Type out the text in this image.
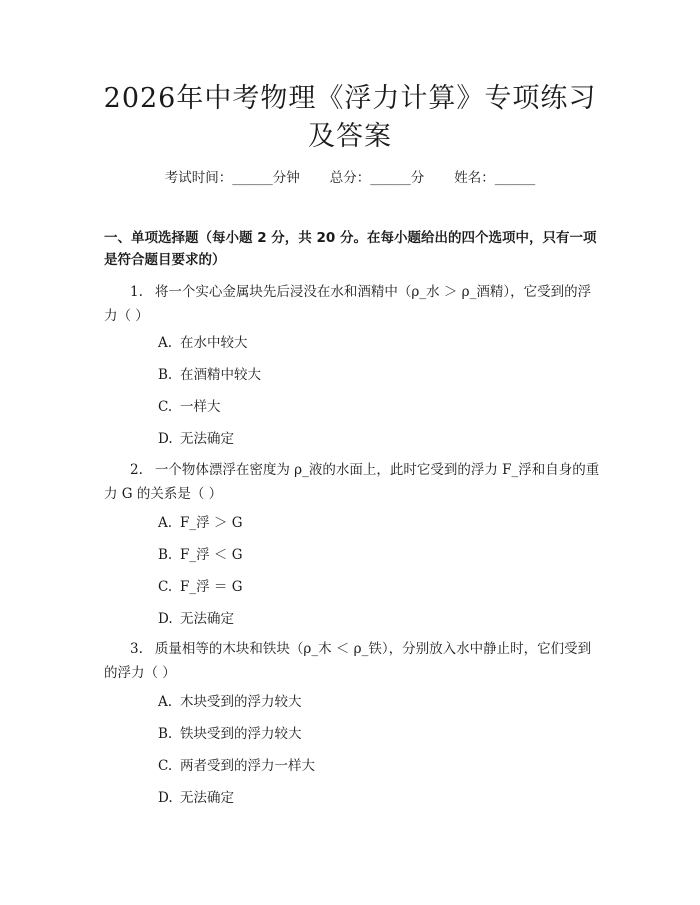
2026年中考物理《浮力计算》专项练习及答案
考试时间：______分钟 总分：______分 姓名：______

一、单项选择题（每小题 2 分，共 20 分。在每小题给出的四个选项中，只有一项是符合题目要求的）

1. 将一个实心金属块先后浸没在水和酒精中（ρ_水 ＞ ρ_酒精），它受到的浮力（ ）

A. 在水中较大
B. 在酒精中较大
C. 一样大
D. 无法确定

2. 一个物体漂浮在密度为 ρ_液的水面上，此时它受到的浮力 F_浮和自身的重力 G 的关系是（ ）

A. F_浮 ＞ G
B. F_浮 ＜ G
C. F_浮 ＝ G
D. 无法确定

3. 质量相等的木块和铁块（ρ_木 ＜ ρ_铁），分别放入水中静止时，它们受到的浮力（ ）

A. 木块受到的浮力较大
B. 铁块受到的浮力较大
C. 两者受到的浮力一样大
D. 无法确定
